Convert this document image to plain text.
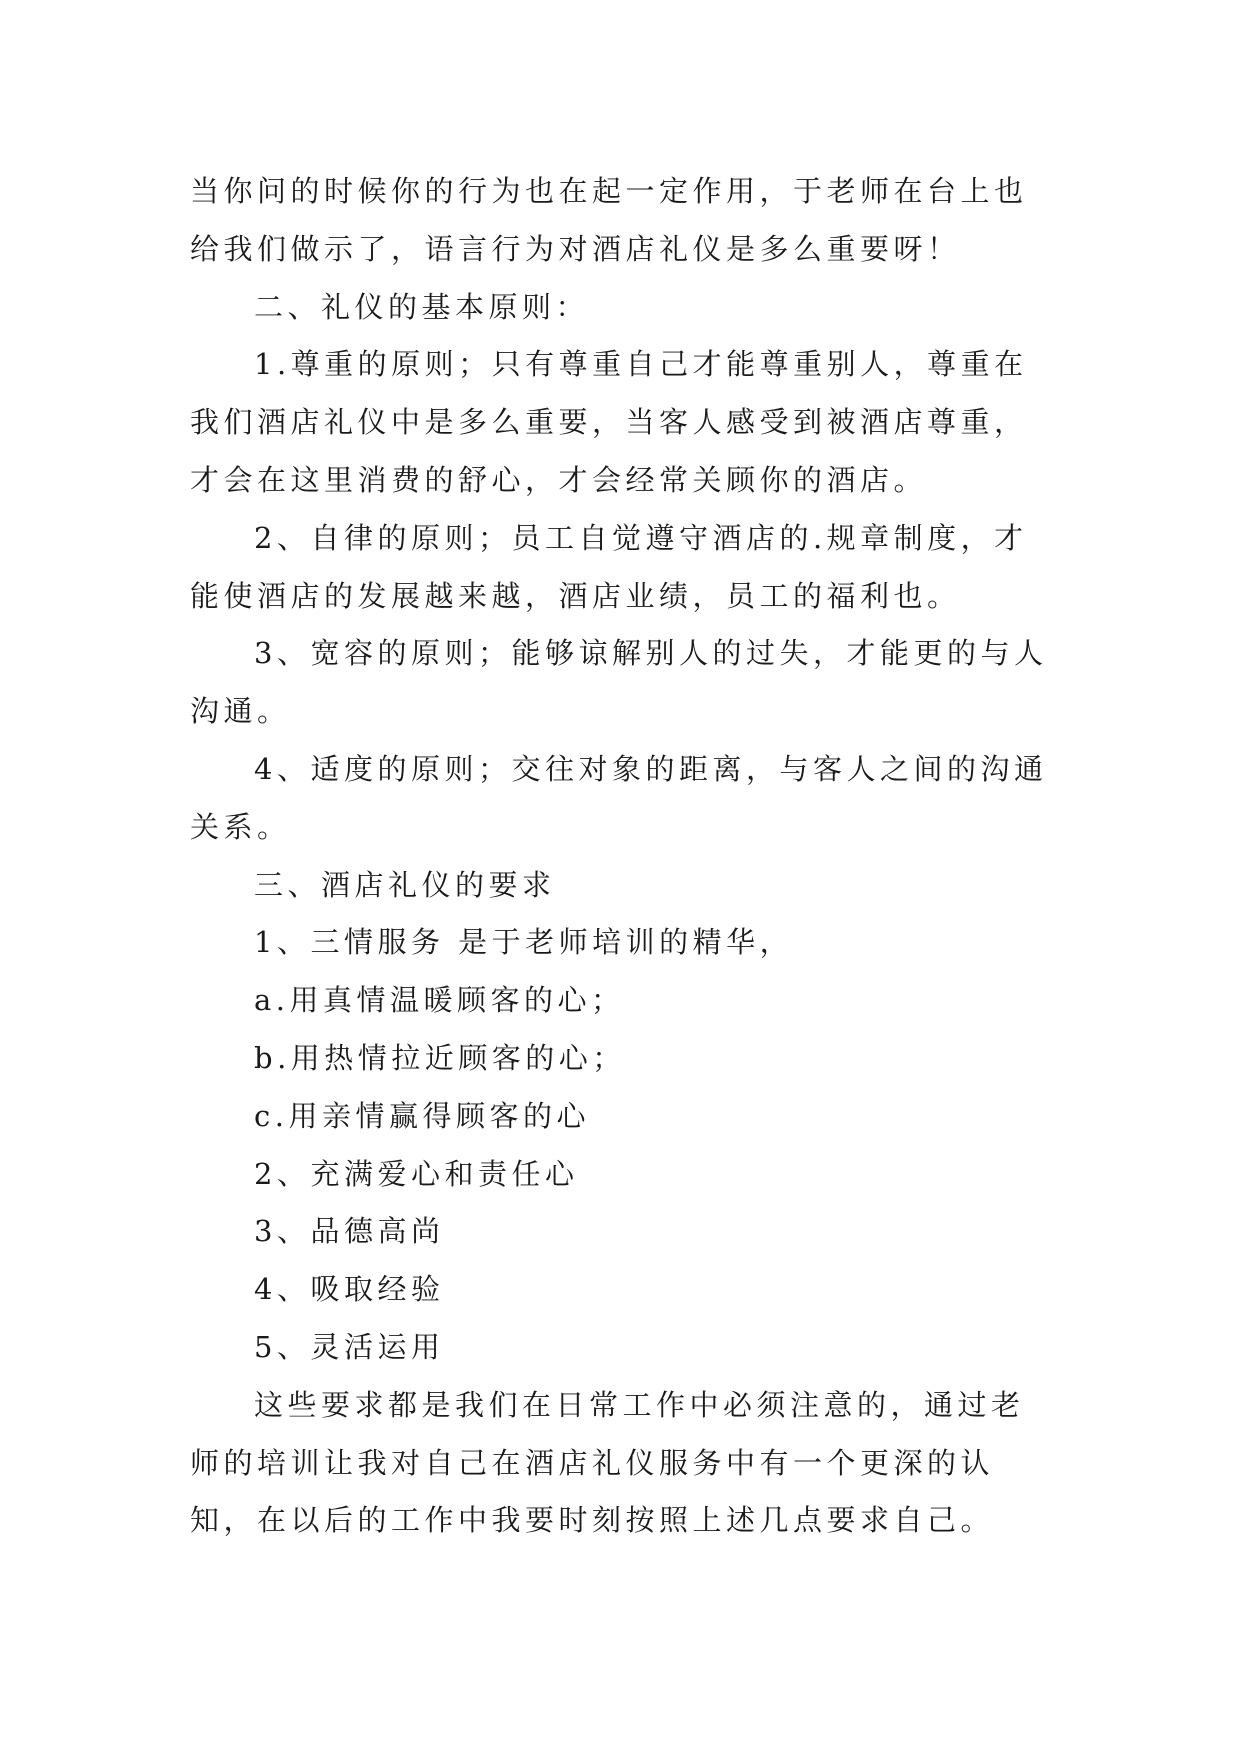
当你问的时候你的行为也在起一定作用，于老师在台上也给我们做示了，语言行为对酒店礼仪是多么重要呀！

二、礼仪的基本原则：

1.尊重的原则；只有尊重自己才能尊重别人，尊重在我们酒店礼仪中是多么重要，当客人感受到被酒店尊重，才会在这里消费的舒心，才会经常关顾你的酒店。

2、自律的原则；员工自觉遵守酒店的.规章制度，才能使酒店的发展越来越，酒店业绩，员工的福利也。

3、宽容的原则；能够谅解别人的过失，才能更的与人沟通。

4、适度的原则；交往对象的距离，与客人之间的沟通关系。

三、酒店礼仪的要求

1、三情服务 是于老师培训的精华，

a.用真情温暖顾客的心；

b.用热情拉近顾客的心；

c.用亲情赢得顾客的心

2、充满爱心和责任心

3、品德高尚

4、吸取经验

5、灵活运用

这些要求都是我们在日常工作中必须注意的，通过老师的培训让我对自己在酒店礼仪服务中有一个更深的认知，在以后的工作中我要时刻按照上述几点要求自己。
